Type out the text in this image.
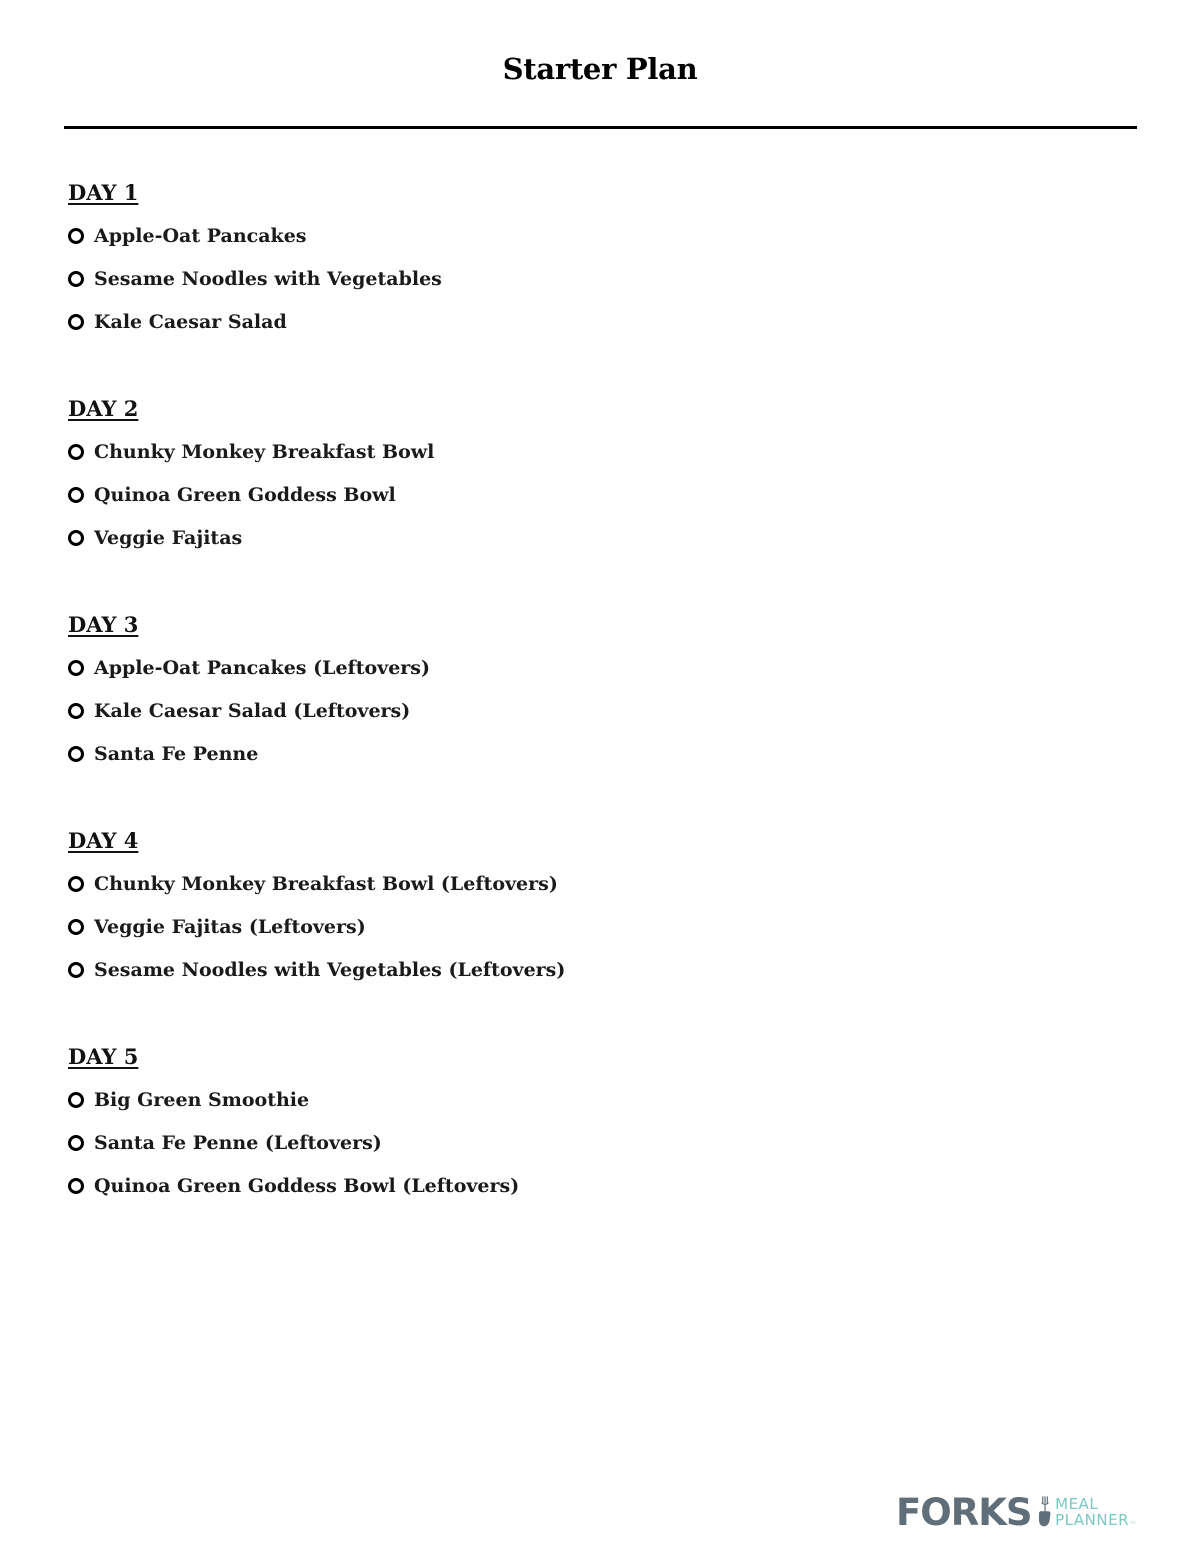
Starter Plan
DAY 1
Apple-Oat Pancakes
Sesame Noodles with Vegetables
Kale Caesar Salad
DAY 2
Chunky Monkey Breakfast Bowl
Quinoa Green Goddess Bowl
Veggie Fajitas
DAY 3
Apple-Oat Pancakes (Leftovers)
Kale Caesar Salad (Leftovers)
Santa Fe Penne
DAY 4
Chunky Monkey Breakfast Bowl (Leftovers)
Veggie Fajitas (Leftovers)
Sesame Noodles with Vegetables (Leftovers)
DAY 5
Big Green Smoothie
Santa Fe Penne (Leftovers)
Quinoa Green Goddess Bowl (Leftovers)
FORKS MEAL
PLANNER ™
